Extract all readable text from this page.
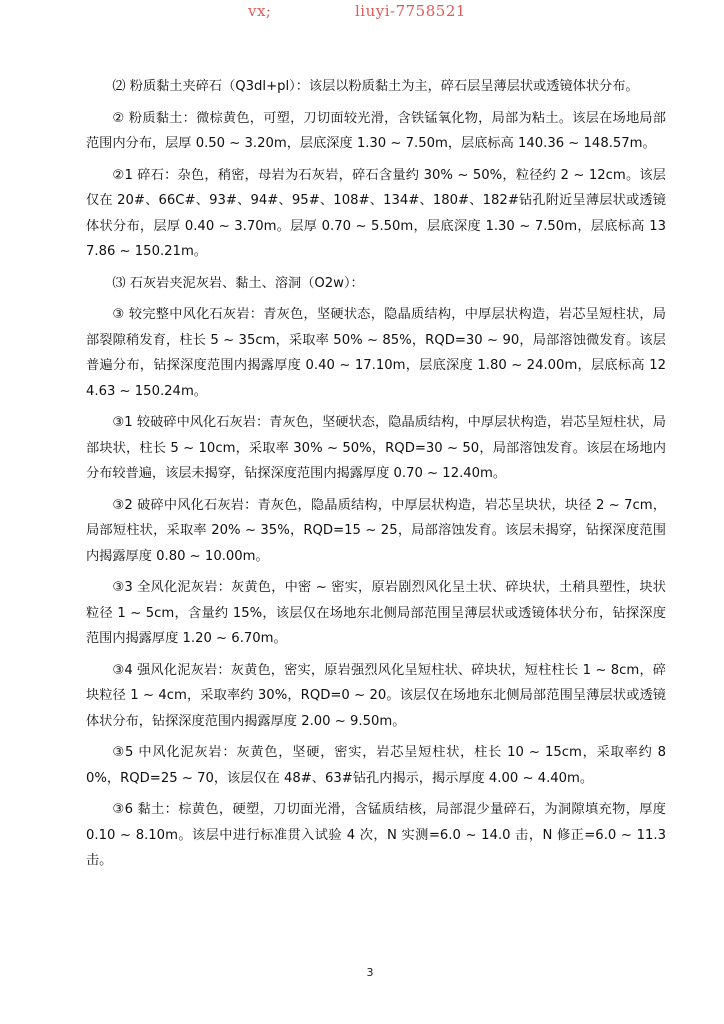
vx;	liuyi-7758521

⑵ 粉质黏土夹碎石（Q3dl+pl）：该层以粉质黏土为主，碎石层呈薄层状或透镜体状分布。

② 粉质黏土：微棕黄色，可塑，刀切面较光滑，含铁锰氧化物，局部为粘土。该层在场地局部范围内分布，层厚 0.50 ~ 3.20m，层底深度 1.30 ~ 7.50m，层底标高 140.36 ~ 148.57m。

②1 碎石：杂色，稍密，母岩为石灰岩，碎石含量约 30% ~ 50%，粒径约 2 ~ 12cm。该层仅在 20#、66C#、93#、94#、95#、108#、134#、180#、182#钻孔附近呈薄层状或透镜体状分布，层厚 0.40 ~ 3.70m。层厚 0.70 ~ 5.50m，层底深度 1.30 ~ 7.50m，层底标高 137.86 ~ 150.21m。

⑶ 石灰岩夹泥灰岩、黏土、溶洞（O2w）：

③ 较完整中风化石灰岩：青灰色，坚硬状态，隐晶质结构，中厚层状构造，岩芯呈短柱状，局部裂隙稍发育，柱长 5 ~ 35cm，采取率 50% ~ 85%，RQD=30 ~ 90，局部溶蚀微发育。该层普遍分布，钻探深度范围内揭露厚度 0.40 ~ 17.10m，层底深度 1.80 ~ 24.00m，层底标高 124.63 ~ 150.24m。

③1 较破碎中风化石灰岩：青灰色，坚硬状态，隐晶质结构，中厚层状构造，岩芯呈短柱状，局部块状，柱长 5 ~ 10cm，采取率 30% ~ 50%，RQD=30 ~ 50，局部溶蚀发育。该层在场地内分布较普遍，该层未揭穿，钻探深度范围内揭露厚度 0.70 ~ 12.40m。

③2 破碎中风化石灰岩：青灰色，隐晶质结构，中厚层状构造，岩芯呈块状，块径 2 ~ 7cm，局部短柱状，采取率 20% ~ 35%，RQD=15 ~ 25，局部溶蚀发育。该层未揭穿，钻探深度范围内揭露厚度 0.80 ~ 10.00m。

③3 全风化泥灰岩：灰黄色，中密 ~ 密实，原岩剧烈风化呈土状、碎块状，土稍具塑性，块状粒径 1 ~ 5cm，含量约 15%，该层仅在场地东北侧局部范围呈薄层状或透镜体状分布，钻探深度范围内揭露厚度 1.20 ~ 6.70m。

③4 强风化泥灰岩：灰黄色，密实，原岩强烈风化呈短柱状、碎块状，短柱柱长 1 ~ 8cm，碎块粒径 1 ~ 4cm，采取率约 30%，RQD=0 ~ 20。该层仅在场地东北侧局部范围呈薄层状或透镜体状分布，钻探深度范围内揭露厚度 2.00 ~ 9.50m。

③5 中风化泥灰岩：灰黄色，坚硬，密实，岩芯呈短柱状，柱长 10 ~ 15cm，采取率约 80%，RQD=25 ~ 70，该层仅在 48#、63#钻孔内揭示，揭示厚度 4.00 ~ 4.40m。

③6 黏土：棕黄色，硬塑，刀切面光滑，含锰质结核，局部混少量碎石，为洞隙填充物，厚度 0.10 ~ 8.10m。该层中进行标准贯入试验 4 次，N 实测=6.0 ~ 14.0 击，N 修正=6.0 ~ 11.3 击。

3
